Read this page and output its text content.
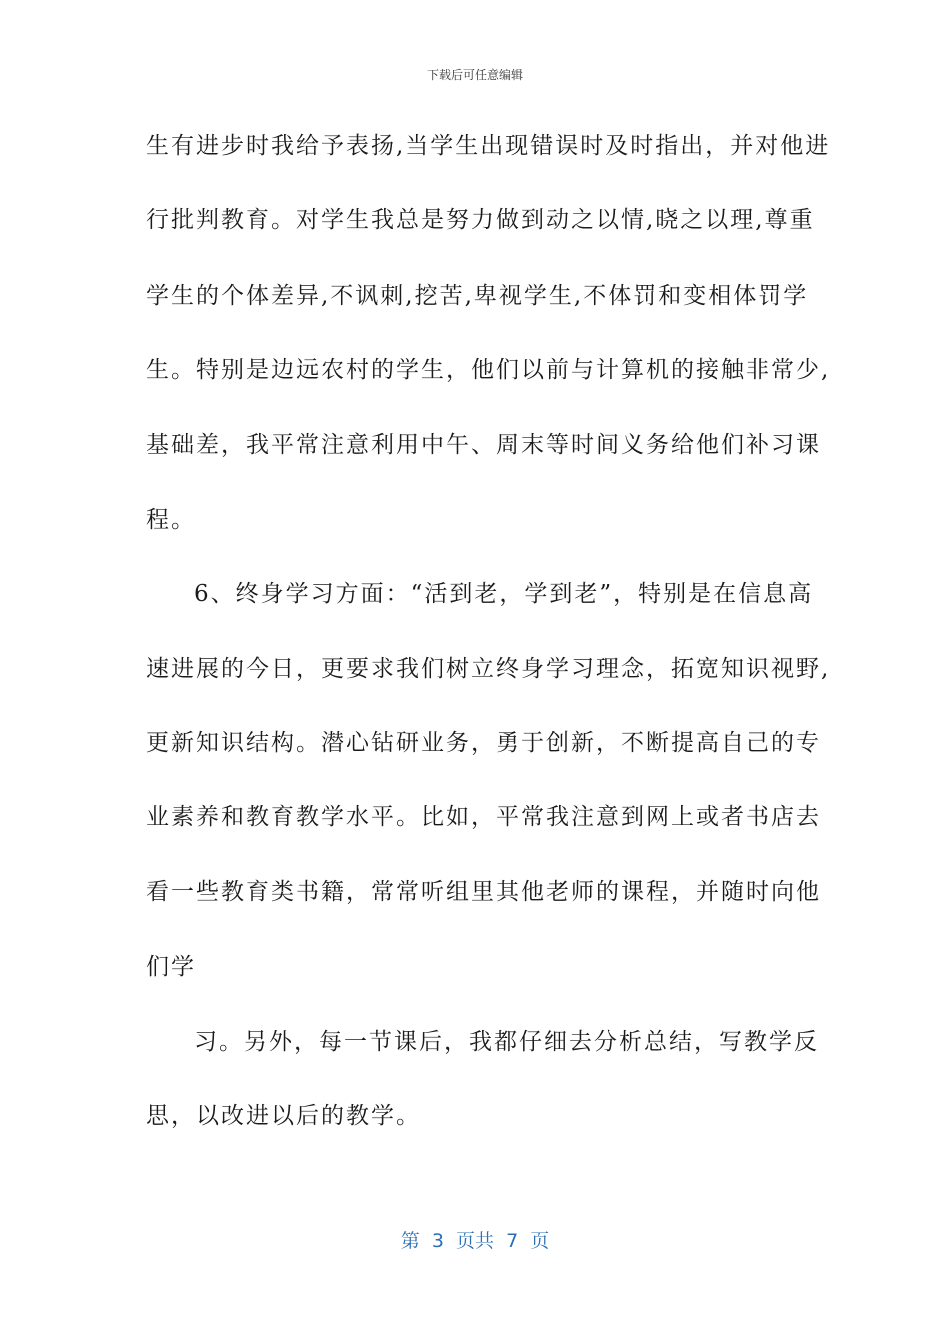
下载后可任意编辑
生有进步时我给予表扬,当学生出现错误时及时指出，并对他进
行批判教育。对学生我总是努力做到动之以情,晓之以理,尊重
学生的个体差异,不讽刺,挖苦,卑视学生,不体罚和变相体罚学
生。特别是边远农村的学生，他们以前与计算机的接触非常少,
基础差，我平常注意利用中午、周末等时间义务给他们补习课
程。
6、终身学习方面：“活到老，学到老”，特别是在信息高
速进展的今日，更要求我们树立终身学习理念，拓宽知识视野,
更新知识结构。潜心钻研业务，勇于创新，不断提高自己的专
业素养和教育教学水平。比如，平常我注意到网上或者书店去
看一些教育类书籍，常常听组里其他老师的课程，并随时向他
们学
习。另外，每一节课后，我都仔细去分析总结，写教学反
思，以改进以后的教学。
第  3  页共  7  页
